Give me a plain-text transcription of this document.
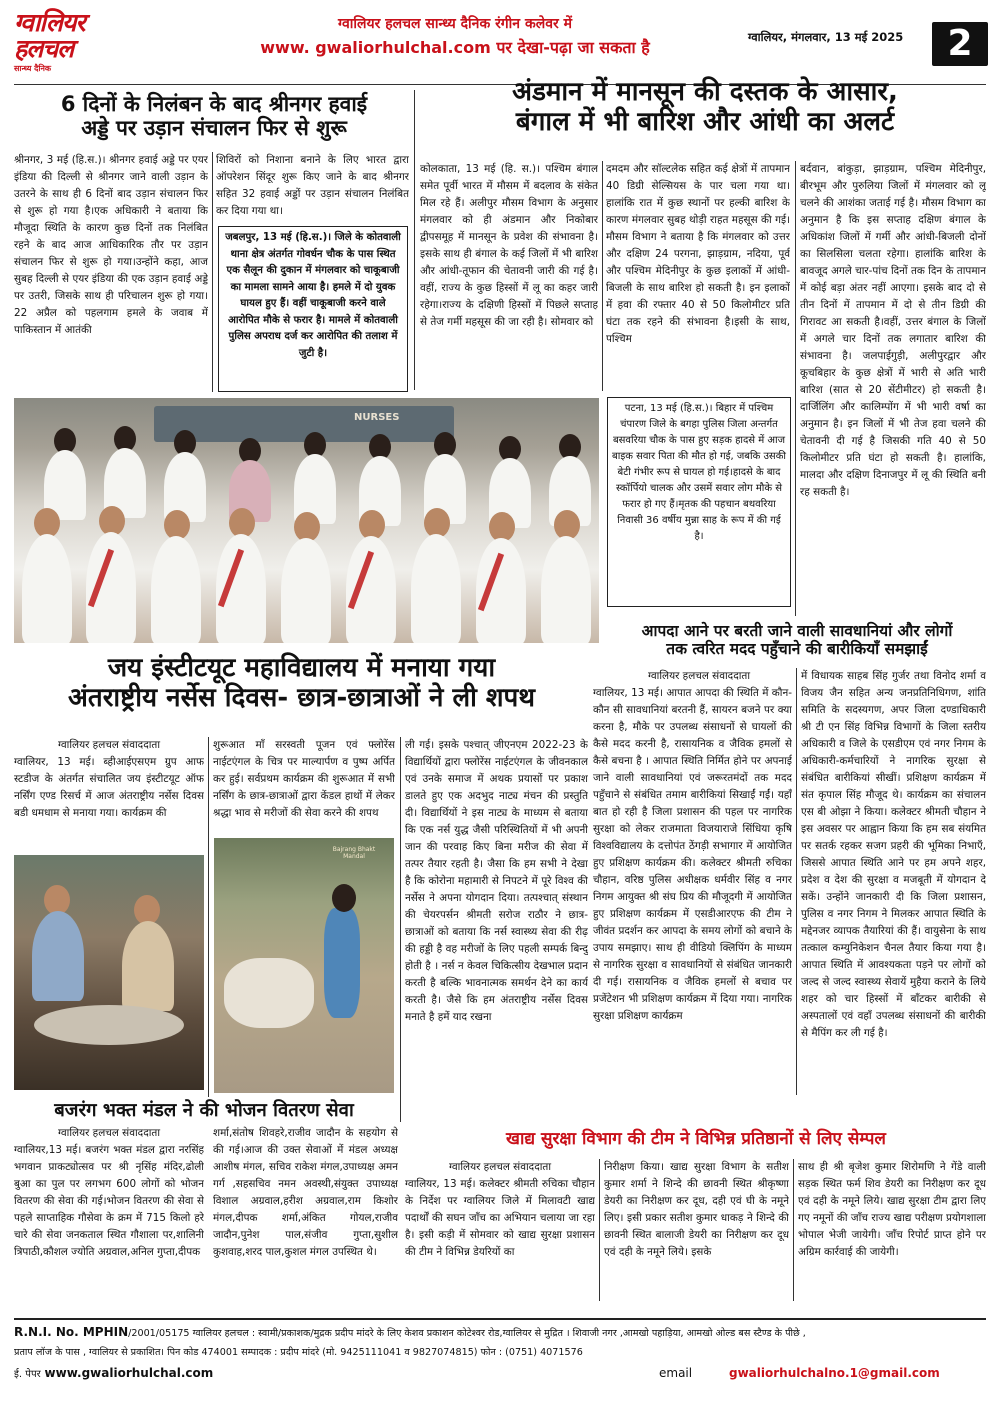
ग्वालियर
हलचल
सान्ध्य दैनिक
ग्वालियर हलचल सान्ध्य दैनिक रंगीन कलेवर में
www. gwaliorhulchal.com पर देखा-पढ़ा जा सकता है
ग्वालियर, मंगलवार, 13 मई 2025	2
6 दिनों के निलंबन के बाद श्रीनगर हवाई
अड्डे पर उड़ान संचालन फिर से शुरू
श्रीनगर, 3 मई (हि.स.)। श्रीनगर हवाई अड्डे पर एयर इंडिया की दिल्ली से श्रीनगर जाने वाली उड़ान के उतरने के साथ ही 6 दिनों बाद उड़ान संचालन फिर से शुरू हो गया है।एक अधिकारी ने बताया कि मौजूदा स्थिति के कारण कुछ दिनों तक निलंबित रहने के बाद आज आधिकारिक तौर पर उड़ान संचालन फिर से शुरू हो गया।उन्होंने कहा, आज सुबह दिल्ली से एयर इंडिया की एक उड़ान हवाई अड्डे पर उतरी, जिसके साथ ही परिचालन शुरू हो गया।22 अप्रैल को पहलगाम हमले के जवाब में पाकिस्तान में आतंकी
शिविरों को निशाना बनाने के लिए भारत द्वारा ऑपरेशन सिंदूर शुरू किए जाने के बाद श्रीनगर सहित 32 हवाई अड्डों पर उड़ान संचालन निलंबित कर दिया गया था।
जबलपुर, 13 मई (हि.स.)। जिले के कोतवाली थाना क्षेत्र अंतर्गत गोवर्धन चौक के पास स्थित एक सैलून की दुकान में मंगलवार को चाकूबाजी का मामला सामने आया है। हमले में दो युवक घायल हुए हैं। वहीं चाकूबाजी करने वाले आरोपित मौके से फरार है। मामले में कोतवाली पुलिस अपराध दर्ज कर आरोपित की तलाश में जुटी है।
अंडमान में मानसून की दस्तक के आसार,
बंगाल में भी बारिश और आंधी का अलर्ट
कोलकाता, 13 मई (हि. स.)। पश्चिम बंगाल समेत पूर्वी भारत में मौसम में बदलाव के संकेत मिल रहे हैं। अलीपुर मौसम विभाग के अनुसार मंगलवार को ही अंडमान और निकोबार द्वीपसमूह में मानसून के प्रवेश की संभावना है। इसके साथ ही बंगाल के कई जिलों में भी बारिश और आंधी-तूफान की चेतावनी जारी की गई है। वहीं, राज्य के कुछ हिस्सों में लू का कहर जारी रहेगा।राज्य के दक्षिणी हिस्सों में पिछले सप्ताह से तेज गर्मी महसूस की जा रही है। सोमवार को
दमदम और सॉल्टलेक सहित कई क्षेत्रों में तापमान 40 डिग्री सेल्सियस के पार चला गया था। हालांकि रात में कुछ स्थानों पर हल्की बारिश के कारण मंगलवार सुबह थोड़ी राहत महसूस की गई।मौसम विभाग ने बताया है कि मंगलवार को उत्तर और दक्षिण 24 परगना, झाड़ग्राम, नदिया, पूर्व और पश्चिम मेदिनीपुर के कुछ इलाकों में आंधी-बिजली के साथ बारिश हो सकती है। इन इलाकों में हवा की रफ्तार 40 से 50 किलोमीटर प्रति घंटा तक रहने की संभावना है।इसी के साथ, पश्चिम
बर्दवान, बांकुड़ा, झाड़ग्राम, पश्चिम मेदिनीपुर, बीरभूम और पुरुलिया जिलों में मंगलवार को लू चलने की आशंका जताई गई है। मौसम विभाग का अनुमान है कि इस सप्ताह दक्षिण बंगाल के अधिकांश जिलों में गर्मी और आंधी-बिजली दोनों का सिलसिला चलता रहेगा। हालांकि बारिश के बावजूद अगले चार-पांच दिनों तक दिन के तापमान में कोई बड़ा अंतर नहीं आएगा। इसके बाद दो से तीन दिनों में तापमान में दो से तीन डिग्री की गिरावट आ सकती है।वहीं, उत्तर बंगाल के जिलों में अगले चार दिनों तक लगातार बारिश की संभावना है। जलपाईगुड़ी, अलीपुरद्वार और कूचबिहार के कुछ क्षेत्रों में भारी से अति भारी बारिश (सात से 20 सेंटीमीटर) हो सकती है। दार्जिलिंग और कालिम्पोंग में भी भारी वर्षा का अनुमान है। इन जिलों में भी तेज हवा चलने की चेतावनी दी गई है जिसकी गति 40 से 50 किलोमीटर प्रति घंटा हो सकती है। हालांकि, मालदा और दक्षिण दिनाजपुर में लू की स्थिति बनी रह सकती है।
पटना, 13 मई (हि.स.)। बिहार में पश्चिम चंपारण जिले के बगहा पुलिस जिला अन्तर्गत बसवरिया चौक के पास हुए सड़क हादसे में आज बाइक सवार पिता की मौत हो गई, जबकि उसकी बेटी गंभीर रूप से घायल हो गई।हादसे के बाद स्कॉर्पियो चालक और उसमें सवार लोग मौके से फरार हो गए हैं।मृतक की पहचान बथवरिया निवासी 36 वर्षीय मुन्ना साह के रूप में की गई है।
NURSES
आपदा आने पर बरती जाने वाली सावधानियां और लोगों
तक त्वरित मदद पहुँचाने की बारीकियाँ समझाईं
ग्वालियर हलचल संवाददाता
ग्वालियर, 13 मई। आपात आपदा की स्थिति में कौन-कौन सी सावधानियां बरतनी हैं, सायरन बजने पर क्या करना है, मौके पर उपलब्ध संसाधनों से घायलों की कैसे मदद करनी है, रासायनिक व जैविक हमलों से कैसे बचना है । आपात स्थिति निर्मित होने पर अपनाई जाने वाली सावधानियां एवं जरूरतमंदों तक मदद पहुँचाने से संबंधित तमाम बारीकियां सिखाईं गईं। यहाँ बात हो रही है जिला प्रशासन की पहल पर नागरिक सुरक्षा को लेकर राजमाता विजयाराजे सिंधिया कृषि विश्वविद्यालय के दत्तोपंत ठेंगड़ी सभागार में आयोजित हुए प्रशिक्षण कार्यक्रम की। कलेक्टर श्रीमती रुचिका चौहान, वरिष्ठ पुलिस अधीक्षक धर्मवीर सिंह व नगर निगम आयुक्त श्री संघ प्रिय की मौजूदगी में आयोजित हुए प्रशिक्षण कार्यक्रम में एसडीआरएफ की टीम ने जीवंत प्रदर्शन कर आपदा के समय लोगों को बचाने के उपाय समझाए। साथ ही वीडियो क्लिपिंग के माध्यम से नागरिक सुरक्षा व सावधानियों से संबंधित जानकारी दी गई। रासायनिक व जैविक हमलों से बचाव पर प्रजेंटेशन भी प्रशिक्षण कार्यक्रम में दिया गया। नागरिक सुरक्षा प्रशिक्षण कार्यक्रम
में विधायक साहब सिंह गुर्जर तथा विनोद शर्मा व विजय जैन सहित अन्य जनप्रतिनिधिगण, शांति समिति के सदस्यगण, अपर जिला दण्डाधिकारी श्री टी एन सिंह विभिन्न विभागों के जिला स्तरीय अधिकारी व जिले के एसडीएम एवं नगर निगम के अधिकारी-कर्मचारियों ने नागरिक सुरक्षा से संबंधित बारीकियां सीखीं। प्रशिक्षण कार्यक्रम में संत कृपाल सिंह मौजूद थे। कार्यक्रम का संचालन एस बी ओझा ने किया। कलेक्टर श्रीमती चौहान ने इस अवसर पर आह्वान किया कि हम सब संयमित पर सतर्क रहकर सजग प्रहरी की भूमिका निभाएँ, जिससे आपात स्थिति आने पर हम अपने शहर, प्रदेश व देश की सुरक्षा व मजबूती में योगदान दे सकें। उन्होंने जानकारी दी कि जिला प्रशासन, पुलिस व नगर निगम ने मिलकर आपात स्थिति के मद्देनजर व्यापक तैयारियां की हैं। वायुसेना के साथ तत्काल कम्युनिकेशन चैनल तैयार किया गया है। आपात स्थिति में आवश्यकता पड़ने पर लोगों को जल्द से जल्द स्वास्थ्य सेवायें मुहैया कराने के लिये शहर को चार हिस्सों में बाँटकर बारीकी से अस्पतालों एवं वहाँ उपलब्ध संसाधनों की बारीकी से मैपिंग कर ली गई है।
जय इंस्टीटयूट महाविद्यालय में मनाया गया
अंतराष्ट्रीय नर्सेस दिवस- छात्र-छात्राओं ने ली शपथ
ग्वालियर हलचल संवाददाता
ग्वालियर, 13 मई। ब्हीआईएसएम ग्रुप आफ स्टडीज के अंतर्गत संचालित जय इंस्टीटयूट ऑफ नर्सिंग एण्ड रिसर्च में आज अंतराष्ट्रीय नर्सेस दिवस बडी धमधाम से मनाया गया। कार्यक्रम की
शुरूआत माँ सरस्वती पूजन एवं फ्लोरेंस नाईटएंगल के चित्र पर माल्यार्पण व पुष्प अर्पित कर हुई। सर्वप्रथम कार्यक्रम की शुरूआत में सभी नर्सिंग के छात्र-छात्राओं द्वारा केंडल हाथों में लेकर श्रद्धा भाव से मरीजों की सेवा करने की शपथ
ली गई। इसके पश्चात् जीएनएम 2022-23 के विद्यार्थियों द्वारा फ्लोरेंस नाईटएंगल के जीवनकाल एवं उनके समाज में अथक प्रयासों पर प्रकाश डालते हुए एक अदभुद नाट्य मंचन की प्रस्तुति दी। विद्यार्थियों ने इस नाट्य के माध्यम से बताया कि एक नर्स युद्ध जैसी परिस्थितियों में भी अपनी जान की परवाह किए बिना मरीज की सेवा में तत्पर तैयार रहती है। जैसा कि हम सभी ने देखा है कि कोरोना महामारी से निपटने में पूरे विश्व की नर्सेस ने अपना योगदान दिया। तत्पश्चात् संस्थान की चेयरपर्सन श्रीमती सरोज राठौर ने छात्र-छात्राओं को बताया कि नर्स स्वास्थ्य सेवा की रीढ़ की हड्डी है वह मरीजों के लिए पहली सम्पर्क बिन्दु होती है । नर्स न केवल चिकित्सीय देखभाल प्रदान करती है बल्कि भावनात्मक समर्थन देने का कार्य करती है। जैसे कि हम अंतराष्ट्रीय नर्सेस दिवस मनाते है हमें याद रखना
Bajrang Bhakt Mandal
बजरंग भक्त मंडल ने की भोजन वितरण सेवा
ग्वालियर हलचल संवाददाता
ग्वालियर,13 मई। बजरंग भक्त मंडल द्वारा नरसिंह भगवान प्राकट्योत्सव पर श्री नृसिंह मंदिर,ढोली बुआ का पुल पर लगभग 600 लोगों को भोजन वितरण की सेवा की गई।भोजन वितरण की सेवा से पहले साप्ताहिक गौसेवा के क्रम में 715 किलो हरे चारे की सेवा जनकताल स्थित गौशाला पर,शालिनी त्रिपाठी,कौशल ज्योति अग्रवाल,अनिल गुप्ता,दीपक
शर्मा,संतोष शिवहरे,राजीव जादौन के सहयोग से की गई।आज की उक्त सेवाओं में मंडल अध्यक्ष आशीष मंगल, सचिव राकेश मंगल,उपाध्यक्ष अमन गर्ग ,सहसचिव नमन अवस्थी,संयुक्त उपाध्यक्ष विशाल अग्रवाल,हरीश अग्रवाल,राम किशोर मंगल,दीपक शर्मा,अंकित गोयल,राजीव जादौन,पुनेश पाल,संजीव गुप्ता,सुशील कुशवाह,शरद पाल,कुशल मंगल उपस्थित थे।
खाद्य सुरक्षा विभाग की टीम ने विभिन्न प्रतिष्ठानों से लिए सेम्पल
ग्वालियर हलचल संवाददाता
ग्वालियर, 13 मई। कलेक्टर श्रीमती रुचिका चौहान के निर्देश पर ग्वालियर जिले में मिलावटी खाद्य पदार्थों की सघन जाँच का अभियान चलाया जा रहा है। इसी कड़ी में सोमवार को खाद्य सुरक्षा प्रशासन की टीम ने विभिन्न डेयरियों का
निरीक्षण किया। खाद्य सुरक्षा विभाग के सतीश कुमार शर्मा ने शिन्दे की छावनी स्थित श्रीकृष्णा डेयरी का निरीक्षण कर दूध, दही एवं घी के नमूने लिए। इसी प्रकार सतीश कुमार धाकड़ ने शिन्दे की छावनी स्थित बालाजी डेयरी का निरीक्षण कर दूध एवं दही के नमूने लिये। इसके
साथ ही श्री बृजेश कुमार शिरोमणि ने गेंडे वाली सड़क स्थित फर्म शिव डेयरी का निरीक्षण कर दूध एवं दही के नमूने लिये। खाद्य सुरक्षा टीम द्वारा लिए गए नमूनों की जाँच राज्य खाद्य परीक्षण प्रयोगशाला भोपाल भेजी जायेगी। जाँच रिपोर्ट प्राप्त होने पर अग्रिम कार्रवाई की जायेगी।
R.N.I. No. MPHIN/2001/05175 ग्वालियर हलचल : स्वामी/प्रकाशक/मुद्रक प्रदीप मांदरे के लिए केशव प्रकाशन कोटेश्वर रोड,ग्वालियर से मुद्रित । शिवाजी नगर ,आमखो पहाड़िया, आमखो ओल्ड बस स्टैण्ड के पीछे ,
प्रताप लॉज के पास , ग्वालियर से प्रकाशित। पिन कोड 474001 सम्पादक : प्रदीप मांदरे (मो. 9425111041 व 9827074815) फोन : (0751) 4071576
ई. पेपर www.gwaliorhulchal.com	email	gwaliorhulchalno.1@gmail.com
